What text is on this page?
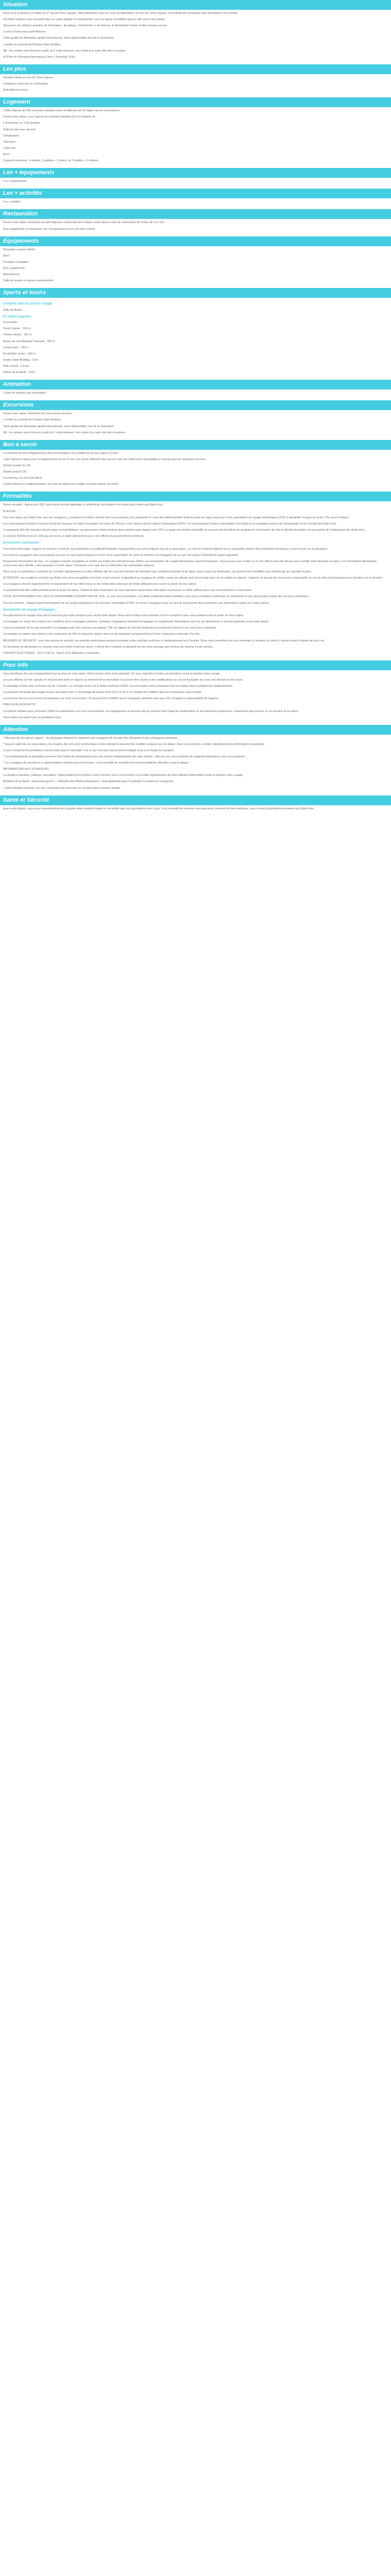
Situation

Nous vous proposons un séjour au 4* Secret Times Square, hôtel idéalement situé au cœur de Manhattan, au bord de Times Square, à proximité des principaux sites touristiques new-yorkais.

Cet hôtel moderne vous accueille dans un cadre élégant et contemporain, pour un séjour inoubliable dans la ville qui ne dort jamais.

Découvrez les célèbres quartiers de Manhattan : Broadway, Central Park, la 5e Avenue, le Rockefeller Center et bien d'autres encore.

3 nuits à l'hôtel avec petit-déjeuner

Visite guidée de Manhattan (guide francophone), selon disponibilités lors de la réservation

1 entrée au sommet de l'Empire State Building

NB : les entrées sont incluses à partir de 2 nuits minimum, hors visite d'un autre site selon la saison.

À 28 km de l'Aéroport International John F. Kennedy (JFK).

Les plus

Situation idéale proche de Times Square

Chambres modernes et confortables

Petit-déjeuner inclus

Logement

L'hôtel dispose de 480 chambres réparties dans un bâtiment de 22 étages (accès ascenseurs).

Durant votre séjour, vous logerez en chambre standard (25 m²) équipée de :

1 lit king size ou 2 lits doubles

Salle de bain avec douche

Climatisation

Télévision

Coffre-fort

Wi-Fi

Capacité maximum : 4 adultes, 3 adultes + 1 enfant, ou 2 adultes + 2 enfants.

Les + équipements

Les + équipements

Les + activités

Les + activités

Restauration

Durant votre séjour, bénéficiez du petit-déjeuner continental servi chaque matin dans la salle de restauration de l'hôtel, de 7h à 11h.

Avec supplément, le restaurant / bar est également ouvert de midi à minuit.

Équipements

Réception ouverte 24h/24

Wi-Fi

Consigne à bagages

Avec supplément :

Blanchisserie

Salle de réunion et espace événementiel

Sports et loisirs
Compris dans le prix du voyage

Salle de fitness

En option payante

À proximité :

Times Square : 100 m

Theatre district : 150 m

Musée de cire Madame Tussauds : 400 m

Central park : 700 m

Rockefeller center : 600 m

Empire State Building : 2 km

Fifth avenue : 1,5 km

Statue de la liberté : 9 km

Animation

L'hôtel ne propose pas d'animation.

Excursions

Durant votre séjour, bénéficiez de 2 excursions incluses :

1 entrée au sommet de l'Empire State Building

Visite guidée de Manhattan (guide francophone), selon disponibilités lors de la réservation

NB : les entrées sont incluses à partir de 2 nuits minimum, hors visite d'un autre site selon la saison.

Bon à savoir

Les enfants doivent obligatoirement être accompagnés d'un adulte lors de leur séjour à l'hôtel.

L'âge minimum requis pour l'enregistrement est de 21 ans. Une pièce d'identité ainsi qu'une carte de crédit seront demandées à l'arrivée pour les dépenses annexes.

Arrivée à partir de 15h

Départ jusqu'à 12h

Les animaux ne sont pas admis

Conformément à la réglementation, une taxe de séjour est à régler sur place auprès de l'hôtel.

Formalités

Bonne nouvelle : depuis juin 2022, plus aucun test de dépistage ni certificat de vaccination n'est requis pour entrer aux États-Unis.

À NOTER

Pour tout séjour aux États-Unis, tous les voyageurs, y compris les enfants, doivent être en possession d'un passeport en cours de validité pendant toute la durée du séjour ainsi que d'une autorisation de voyage électronique ESTA, à demander en ligne au moins 72h avant le départ.

Les ressortissants français n'ont pas besoin de visa pour un séjour touristique de moins de 90 jours, sous réserve d'avoir obtenu l'autorisation ESTA. Les ressortissants d'autres nationalités sont invités à se renseigner auprès de l'ambassade ou du consulat des États-Unis.

Le passeport doit être sécurisé (électronique ou biométrique). Les personnes s'étant rendues dans certains pays depuis mars 2011 ou ayant une double nationalité ne peuvent pas bénéficier du programme d'exemption de visa et doivent demander un visa auprès de l'ambassade des États-Unis.

Le coût de l'ESTA est de 21 USD par personne, à régler directement sur le site officiel du gouvernement américain.

Documents à présenter

Pour toute réservation, l'agence se réserve le droit de vous demander un justificatif d'identité correspondant aux noms indiqués lors de la réservation. Le nom et le prénom figurant sur la réservation doivent être strictement identiques à ceux inscrits sur le passeport.

Les mineurs voyageant sans leurs parents ou avec un seul parent doivent se munir d'une autorisation de sortie du territoire accompagnée de la copie de la pièce d'identité du parent signataire.

Programme d'exemption de visa : un voyageur français souhaitant se rendre aux États-Unis doit désormais obtenir une autorisation de voyage électronique avant d'embarquer. Vous pouvez vous rendre sur le site officiel esta.cbp.dhs.gov pour remplir votre demande en ligne. Les informations demandées concernent votre identité, votre passeport et votre séjour. Conservez une copie de la confirmation de l'autorisation obtenue.

Nous vous recommandons vivement de consulter régulièrement les sites officiels afin de vous tenir informé de l'évolution des conditions d'entrée et de séjour dans le pays de destination, qui peuvent être modifiées sans préavis par les autorités locales.

ATTENTION : les conditions d'entrée aux États-Unis sont susceptibles d'évoluer à tout moment. Il appartient au voyageur de vérifier, avant son départ, qu'il est en règle avec les formalités en vigueur. L'agence ne saurait être tenue pour responsable en cas de refus d'embarquement ou d'entrée sur le territoire.

Les voyageurs doivent également être en possession de leur billet retour ou de continuation ainsi que de fonds suffisants pour couvrir la durée de leur séjour.

Le passeport doit être valide pendant toute la durée du séjour. Vérifiez la date d'expiration de votre passeport avant toute réservation et prévoyez un délai suffisant pour son renouvellement si nécessaire.

POUR LES PERSONNES EXCLUES DU PROGRAMME D'EXEMPTION DE VISA : un visa sera nécessaire. Les délais d'obtention étant variables, nous vous conseillons d'effectuer les démarches le plus tôt possible auprès des services consulaires.

Pour les mineurs : chaque enfant doit disposer de son propre passeport et de sa propre autorisation ESTA. Un mineur voyageant avec un seul de ses parents devra présenter une autorisation signée par l'autre parent.

Documents de voyage et bagages

Vos documents de voyage vous seront transmis par email quelques jours avant votre départ. Nous vous invitons à les imprimer et à les conserver avec vous pendant toute la durée de votre séjour.

Les bagages en soute sont soumis aux conditions de la compagnie aérienne. Certaines compagnies facturent les bagages en supplément. Renseignez-vous sur les dimensions et le poids autorisés avant votre départ.

Il est recommandé de ne pas verrouiller vos bagages avec des cadenas non agréés TSA, les agents de sécurité américains pouvant être amenés à les ouvrir pour inspection.

Les liquides en cabine sont limités à des contenants de 100 ml maximum, placés dans un sac plastique transparent fermé d'une contenance maximale d'un litre.

MESURES DE SÉCURITÉ : pour des raisons de sécurité, les autorités américaines peuvent procéder à des contrôles renforcés à l'embarquement et à l'arrivée. Nous vous conseillons de vous présenter à l'aéroport au moins 3 heures avant le départ de votre vol.

Un formulaire de déclaration en douane vous sera remis à bord de l'avion. Il devra être complété et présenté lors de votre passage aux services de douane à votre arrivée.

CONTACT ÉLECTRIQUE : 110 V à 60 Hz. Type A et B. Adaptateur nécessaire.

Pour info

Vous bénéficiez d'un accompagnement tout au long de votre séjour. Notre service client reste joignable 7j/7 pour répondre à toutes vos questions avant et pendant votre voyage.

Les prix affichés ont été calculés en fonction des tarifs en vigueur au moment de la réservation et peuvent être soumis à des modifications en cas de fluctuation du cours des devises ou des taxes.

Le décalage horaire avec la France est de -6 heures. La monnaie locale est le dollar américain (USD). Les principales cartes bancaires sont acceptées dans la plupart des établissements.

Le pourboire fait partie des usages locaux aux États-Unis. Il est d'usage de laisser entre 15 % et 20 % du montant de l'addition dans les restaurants, bars et taxis.

Les horaires de vol vous seront communiqués sur votre convocation. Ils peuvent être modifiés par la compagnie aérienne sans que cela n'engage la responsabilité de l'agence.

PRÉCISION DESCRIPTIF

Les photos utilisées pour présenter l'hôtel et la destination sont non contractuelles. Les équipements et services décrits peuvent faire l'objet de modifications ou de fermetures temporaires, notamment pour travaux ou en fonction de la saison.

Votre séjour est assuré par un prestataire local.

Attention

* Mesures de sécurité en vigueur : les passagers doivent se conformer aux consignes de sécurité des aéroports et des compagnies aériennes.

* Dans le cadre de vos réservations, les horaires des vols sont communiqués à titre indicatif et peuvent être modifiés jusqu'au jour du départ. Nous vous invitons à vérifier régulièrement les informations transmises.

Le prix comprend les prestations mentionnées dans le descriptif. Tout ce qui n'est pas expressément indiqué reste à la charge du voyageur.

* Les hébergements et prestations peuvent faire l'objet de changements pour des raisons indépendantes de notre volonté ; dans ce cas, une prestation de catégorie équivalente vous sera proposée.

* Les consignes de sécurité et la réglementation sanitaire peuvent évoluer ; il est conseillé de consulter les recommandations officielles avant le départ.

INFORMATIONS AUX VOYAGEURS

La situation (sanitaire, politique, sécuritaire, réglementaire) peut évoluer à tout moment. Nous vous invitons à consulter régulièrement les sites officiels d'information avant et pendant votre voyage.

Ministère de la Santé : www.sante.gouv.fr — Ministère des Affaires Étrangères : www.diplomatie.gouv.fr (rubrique Conseils aux voyageurs).

* Sauf indication contraire, les prix s'entendent par personne sur la base d'une chambre double.

Santé et Sécurité

Avant votre départ, nous vous recommandons de consulter votre médecin traitant et de vérifier que vos vaccinations sont à jour. Il est conseillé de souscrire une assurance couvrant les frais médicaux, ceux-ci étant particulièrement élevés aux États-Unis.
